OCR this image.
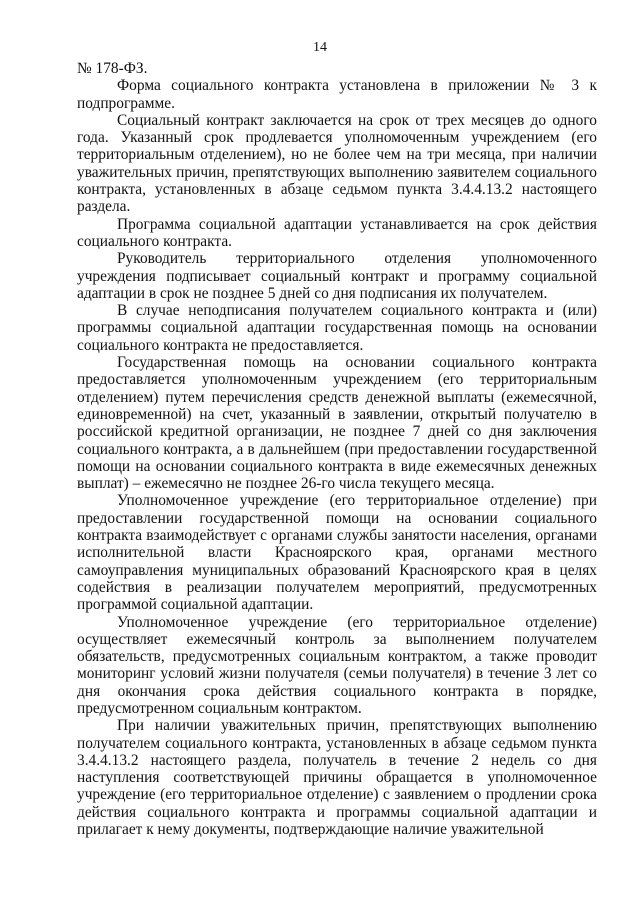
14

№ 178-ФЗ.

Форма социального контракта установлена в приложении № 3 к подпрограмме.

Социальный контракт заключается на срок от трех месяцев до одного года. Указанный срок продлевается уполномоченным учреждением (его территориальным отделением), но не более чем на три месяца, при наличии уважительных причин, препятствующих выполнению заявителем социального контракта, установленных в абзаце седьмом пункта 3.4.4.13.2 настоящего раздела.

Программа социальной адаптации устанавливается на срок действия социального контракта.

Руководитель территориального отделения уполномоченного учреждения подписывает социальный контракт и программу социальной адаптации в срок не позднее 5 дней со дня подписания их получателем.

В случае неподписания получателем социального контракта и (или) программы социальной адаптации государственная помощь на основании социального контракта не предоставляется.

Государственная помощь на основании социального контракта предоставляется уполномоченным учреждением (его территориальным отделением) путем перечисления средств денежной выплаты (ежемесячной, единовременной) на счет, указанный в заявлении, открытый получателю в российской кредитной организации, не позднее 7 дней со дня заключения социального контракта, а в дальнейшем (при предоставлении государственной помощи на основании социального контракта в виде ежемесячных денежных выплат) – ежемесячно не позднее 26-го числа текущего месяца.

Уполномоченное учреждение (его территориальное отделение) при предоставлении государственной помощи на основании социального контракта взаимодействует с органами службы занятости населения, органами исполнительной власти Красноярского края, органами местного самоуправления муниципальных образований Красноярского края в целях содействия в реализации получателем мероприятий, предусмотренных программой социальной адаптации.

Уполномоченное учреждение (его территориальное отделение) осуществляет ежемесячный контроль за выполнением получателем обязательств, предусмотренных социальным контрактом, а также проводит мониторинг условий жизни получателя (семьи получателя) в течение 3 лет со дня окончания срока действия социального контракта в порядке, предусмотренном социальным контрактом.

При наличии уважительных причин, препятствующих выполнению получателем социального контракта, установленных в абзаце седьмом пункта 3.4.4.13.2 настоящего раздела, получатель в течение 2 недель со дня наступления соответствующей причины обращается в уполномоченное учреждение (его территориальное отделение) с заявлением о продлении срока действия социального контракта и программы социальной адаптации и прилагает к нему документы, подтверждающие наличие уважительной
